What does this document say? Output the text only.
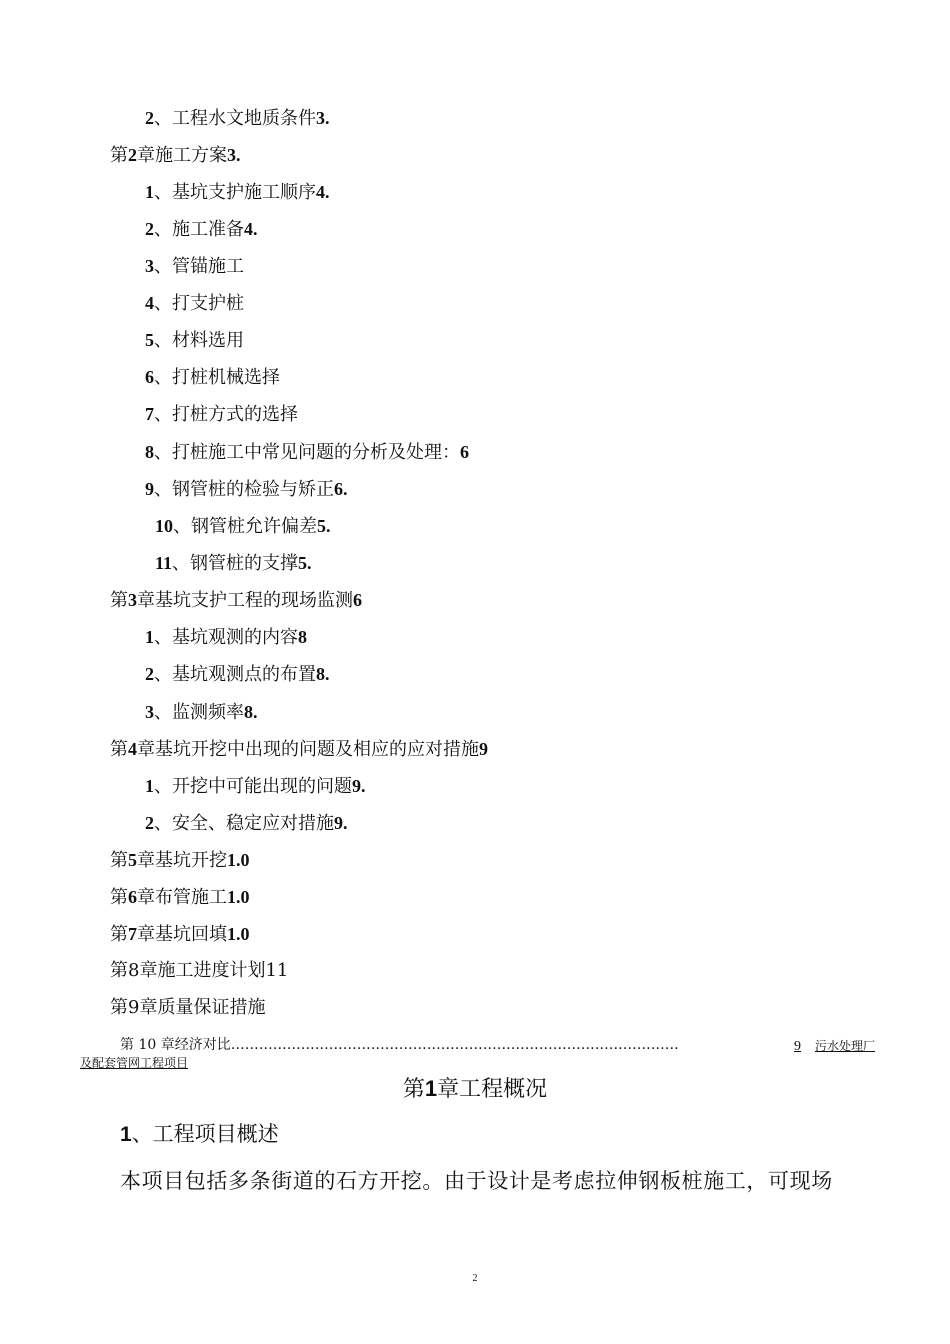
2、工程水文地质条件3.
第2章施工方案3.
1、基坑支护施工顺序4.
2、施工准备4.
3、管锚施工
4、打支护桩
5、材料选用
6、打桩机械选择
7、打桩方式的选择
8、打桩施工中常见问题的分析及处理：6
9、钢管桩的检验与矫正6.
10、钢管桩允许偏差5.
11、钢管桩的支撑5.
第3章基坑支护工程的现场监测6
1、基坑观测的内容8
2、基坑观测点的布置8.
3、监测频率8.
第4章基坑开挖中出现的问题及相应的应对措施9
1、开挖中可能出现的问题9.
2、安全、稳定应对措施9.
第5章基坑开挖1.0
第6章布管施工1.0
第7章基坑回填1.0
第8章施工进度计划11
第9章质量保证措施
第 10 章经济对比……………………………………………………………………………………	9 污水处理厂
及配套管网工程项目
第1章工程概况
1、工程项目概述
本项目包括多条街道的石方开挖。由于设计是考虑拉伸钢板桩施工，可现场
2
